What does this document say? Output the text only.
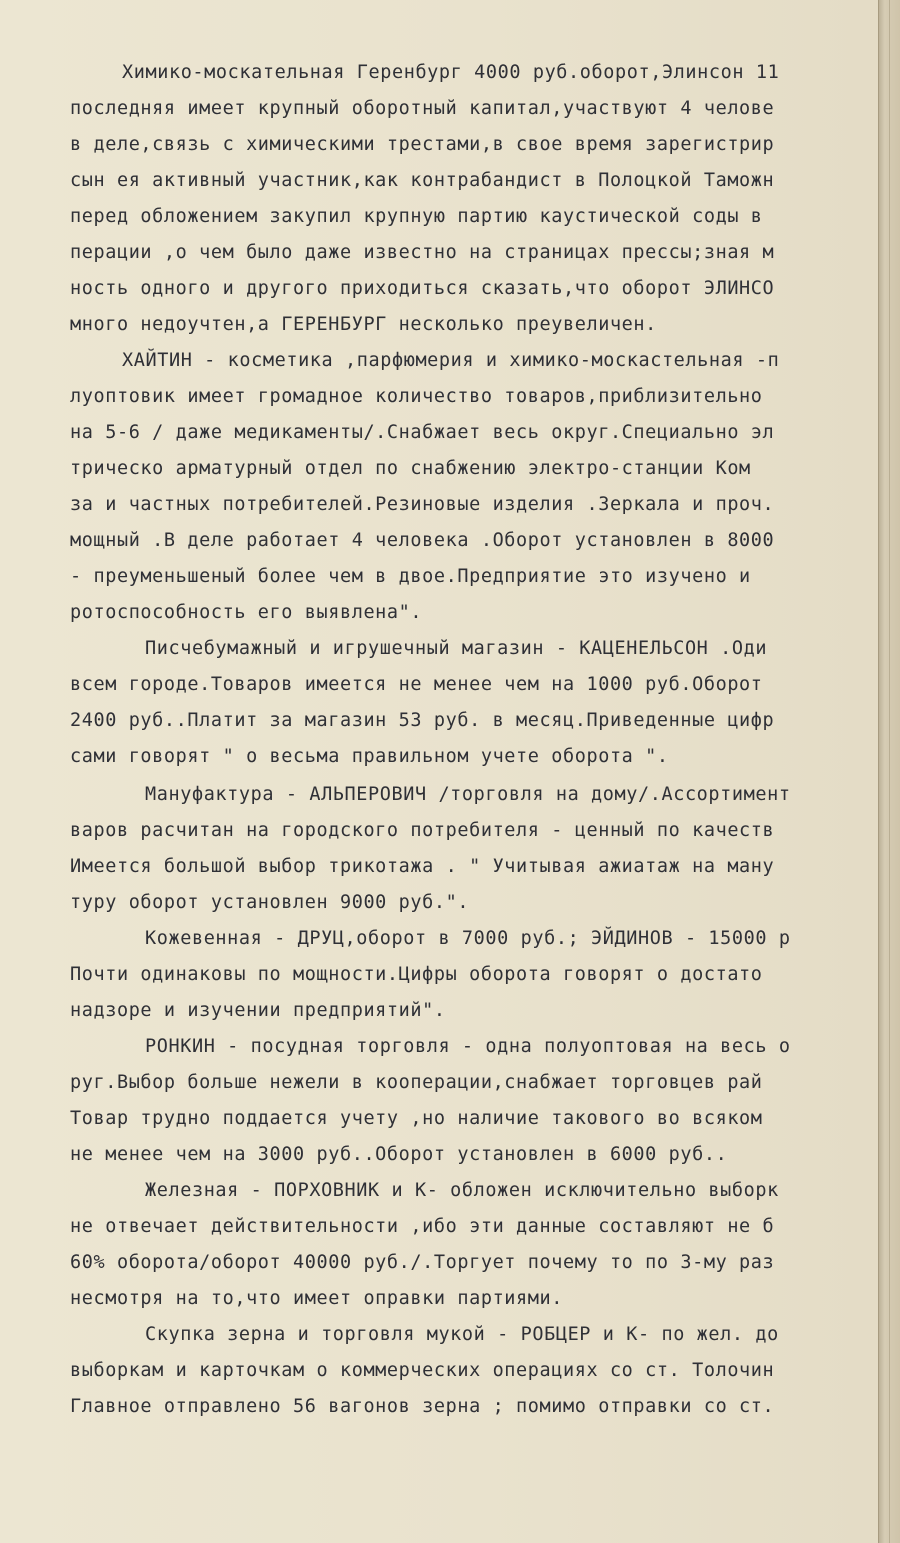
Химико-москательная Геренбург 4000 руб.оборот,Элинсон 11
последняя имеет крупный оборотный капитал,участвуют 4 челове
в деле,связь с химическими трестами,в свое время зарегистрир
сын ея активный участник,как контрабандист в Полоцкой Таможн
перед обложением закупил крупную партию каустической соды в
перации ,о чем было даже известно на страницах прессы;зная м
ность одного и другого приходиться сказать,что оборот ЭЛИНСО
много недоучтен,а ГЕРЕНБУРГ несколько преувеличен.
ХАЙТИН - косметика ,парфюмерия и химико-москастельная -п
луоптовик имеет громадное количество товаров,приблизительно
на 5-6 / даже медикаменты/.Снабжает весь округ.Специально эл
трическо арматурный отдел по снабжению электро-станции Ком
за и частных потребителей.Резиновые изделия .Зеркала и проч.
мощный .В деле работает 4 человека .Оборот установлен в 8000
- преуменьшеный более чем в двое.Предприятие это изучено и
ротоспособность его выявлена".
Писчебумажный и игрушечный магазин - КАЦЕНЕЛЬСОН .Оди
всем городе.Товаров имеется не менее чем на 1000 руб.Оборот
2400 руб..Платит за магазин 53 руб. в месяц.Приведенные цифр
сами говорят " о весьма правильном учете оборота ".
Мануфактура - АЛЬПЕРОВИЧ /торговля на дому/.Ассортимент
варов расчитан на городского потребителя - ценный по качеств
Имеется большой выбор трикотажа . " Учитывая ажиатаж на ману
туру оборот установлен 9000 руб.".
Кожевенная - ДРУЦ,оборот в 7000 руб.; ЭЙДИНОВ - 15000 р
Почти одинаковы по мощности.Цифры оборота говорят о достато
надзоре и изучении предприятий".
РОНКИН - посудная торговля - одна полуоптовая на весь о
руг.Выбор больше нежели в кооперации,снабжает торговцев рай
Товар трудно поддается учету ,но наличие такового во всяком
не менее чем на 3000 руб..Оборот установлен в 6000 руб..
Железная - ПОРХОВНИК и К- обложен исключительно выборк
не отвечает действительности ,ибо эти данные составляют не б
60% оборота/оборот 40000 руб./.Торгует почему то по 3-му раз
несмотря на то,что имеет оправки партиями.
Скупка зерна и торговля мукой - РОБЦЕР и К- по жел. до
выборкам и карточкам о коммерческих операциях со ст. Толочин
Главное отправлено 56 вагонов зерна ; помимо отправки со ст.
